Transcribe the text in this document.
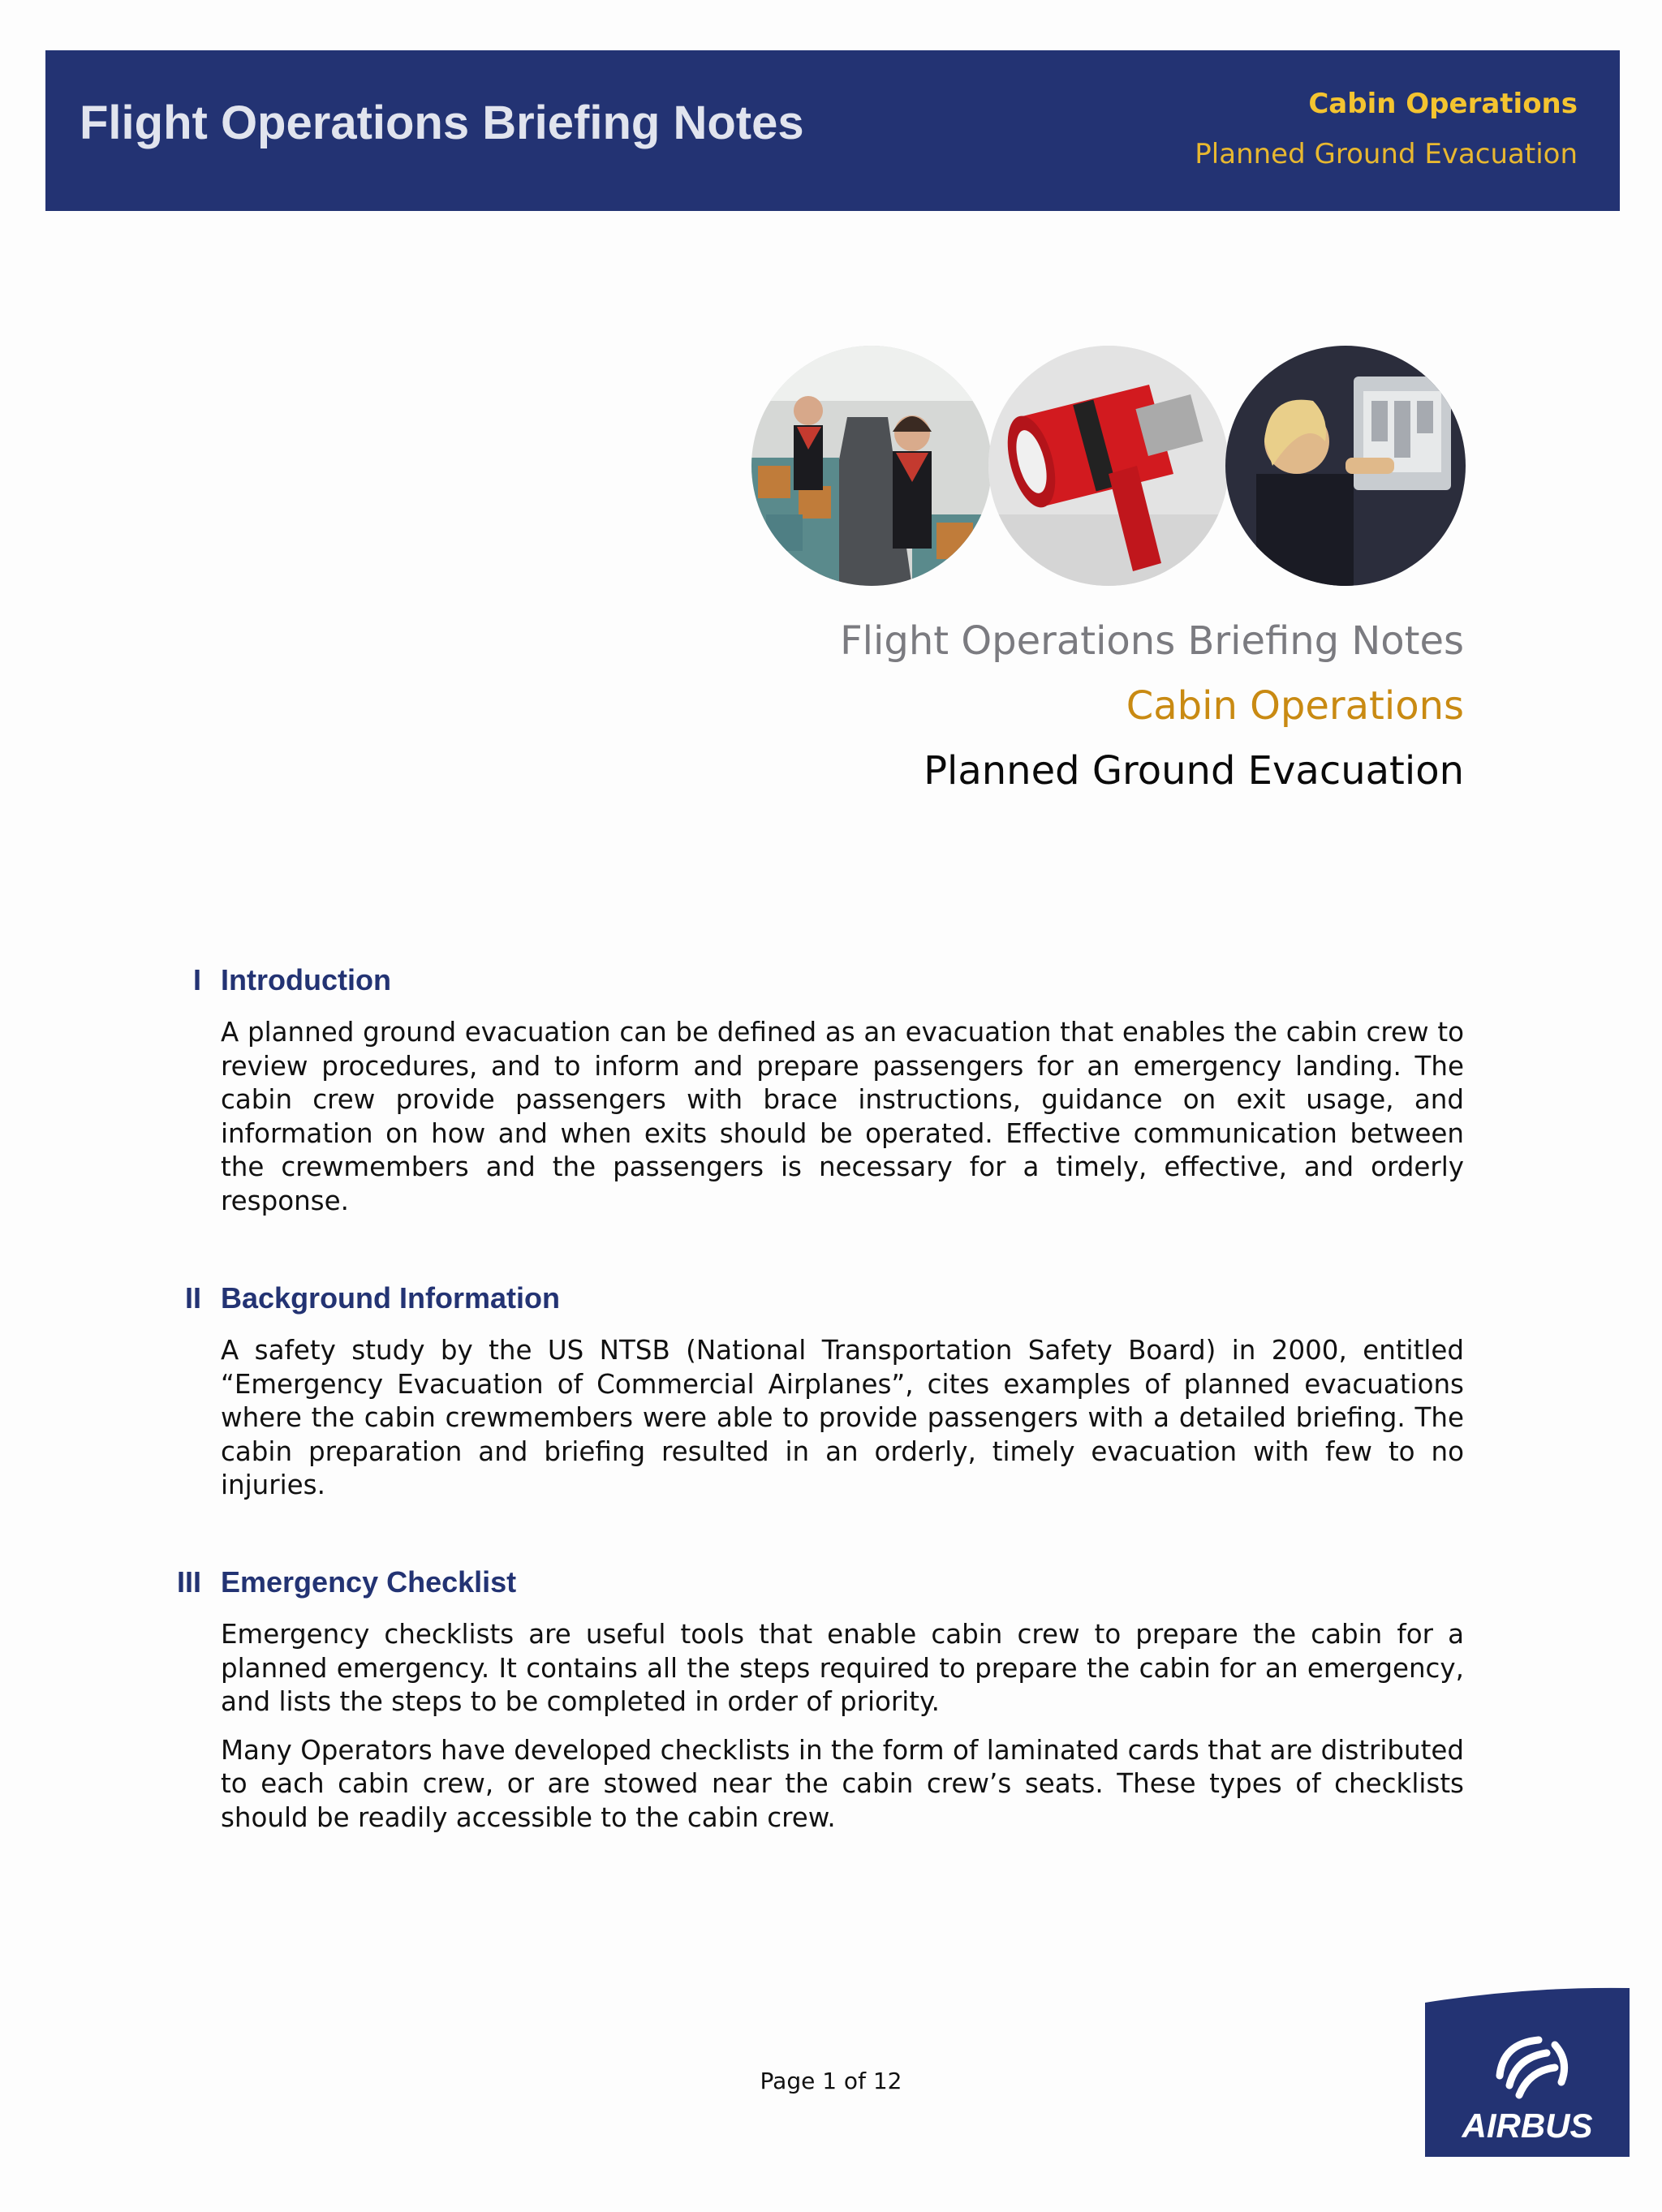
Flight Operations Briefing Notes	Cabin Operations
Planned Ground Evacuation
Flight Operations Briefing Notes
Cabin Operations
Planned Ground Evacuation
I Introduction
A planned ground evacuation can be defined as an evacuation that enables the cabin crew to review procedures, and to inform and prepare passengers for an emergency landing. The cabin crew provide passengers with brace instructions, guidance on exit usage, and information on how and when exits should be operated. Effective communication between the crewmembers and the passengers is necessary for a timely, effective, and orderly response.
II Background Information
A safety study by the US NTSB (National Transportation Safety Board) in 2000, entitled “Emergency Evacuation of Commercial Airplanes”, cites examples of planned evacuations where the cabin crewmembers were able to provide passengers with a detailed briefing. The cabin preparation and briefing resulted in an orderly, timely evacuation with few to no injuries.
III Emergency Checklist
Emergency checklists are useful tools that enable cabin crew to prepare the cabin for a planned emergency. It contains all the steps required to prepare the cabin for an emergency, and lists the steps to be completed in order of priority.
Many Operators have developed checklists in the form of laminated cards that are distributed to each cabin crew, or are stowed near the cabin crew’s seats. These types of checklists should be readily accessible to the cabin crew.
Page 1 of 12
AIRBUS
